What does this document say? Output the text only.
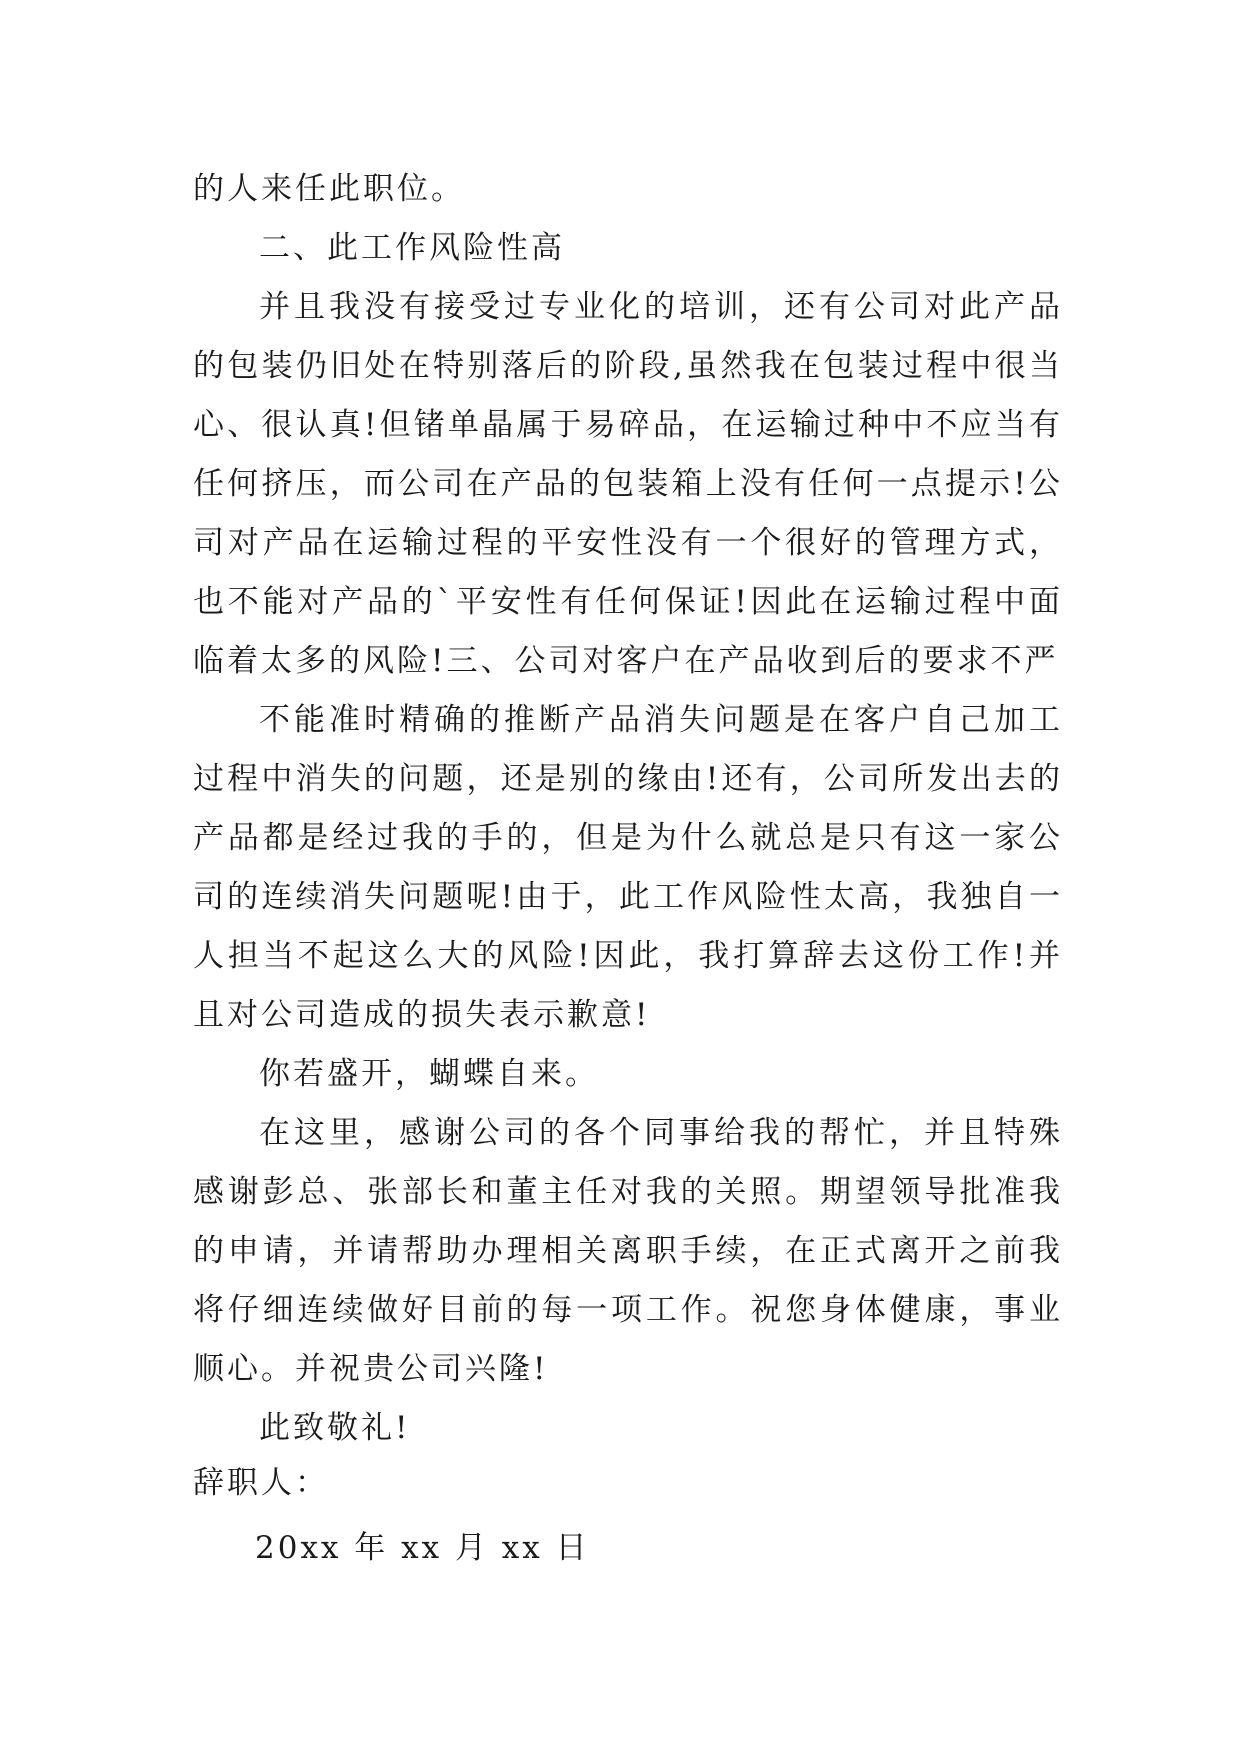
的人来任此职位。

二、此工作风险性高

并且我没有接受过专业化的培训，还有公司对此产品的包装仍旧处在特别落后的阶段,虽然我在包装过程中很当心、很认真!但锗单晶属于易碎品，在运输过种中不应当有任何挤压，而公司在产品的包装箱上没有任何一点提示!公司对产品在运输过程的平安性没有一个很好的管理方式，也不能对产品的`平安性有任何保证!因此在运输过程中面临着太多的风险!三、公司对客户在产品收到后的要求不严

不能准时精确的推断产品消失问题是在客户自己加工过程中消失的问题，还是别的缘由!还有，公司所发出去的产品都是经过我的手的，但是为什么就总是只有这一家公司的连续消失问题呢!由于，此工作风险性太高，我独自一人担当不起这么大的风险!因此，我打算辞去这份工作!并且对公司造成的损失表示歉意!

你若盛开，蝴蝶自来。

在这里，感谢公司的各个同事给我的帮忙，并且特殊感谢彭总、张部长和董主任对我的关照。期望领导批准我的申请，并请帮助办理相关离职手续，在正式离开之前我将仔细连续做好目前的每一项工作。祝您身体健康，事业顺心。并祝贵公司兴隆!

此致敬礼!

辞职人：

20xx 年 xx 月 xx 日
